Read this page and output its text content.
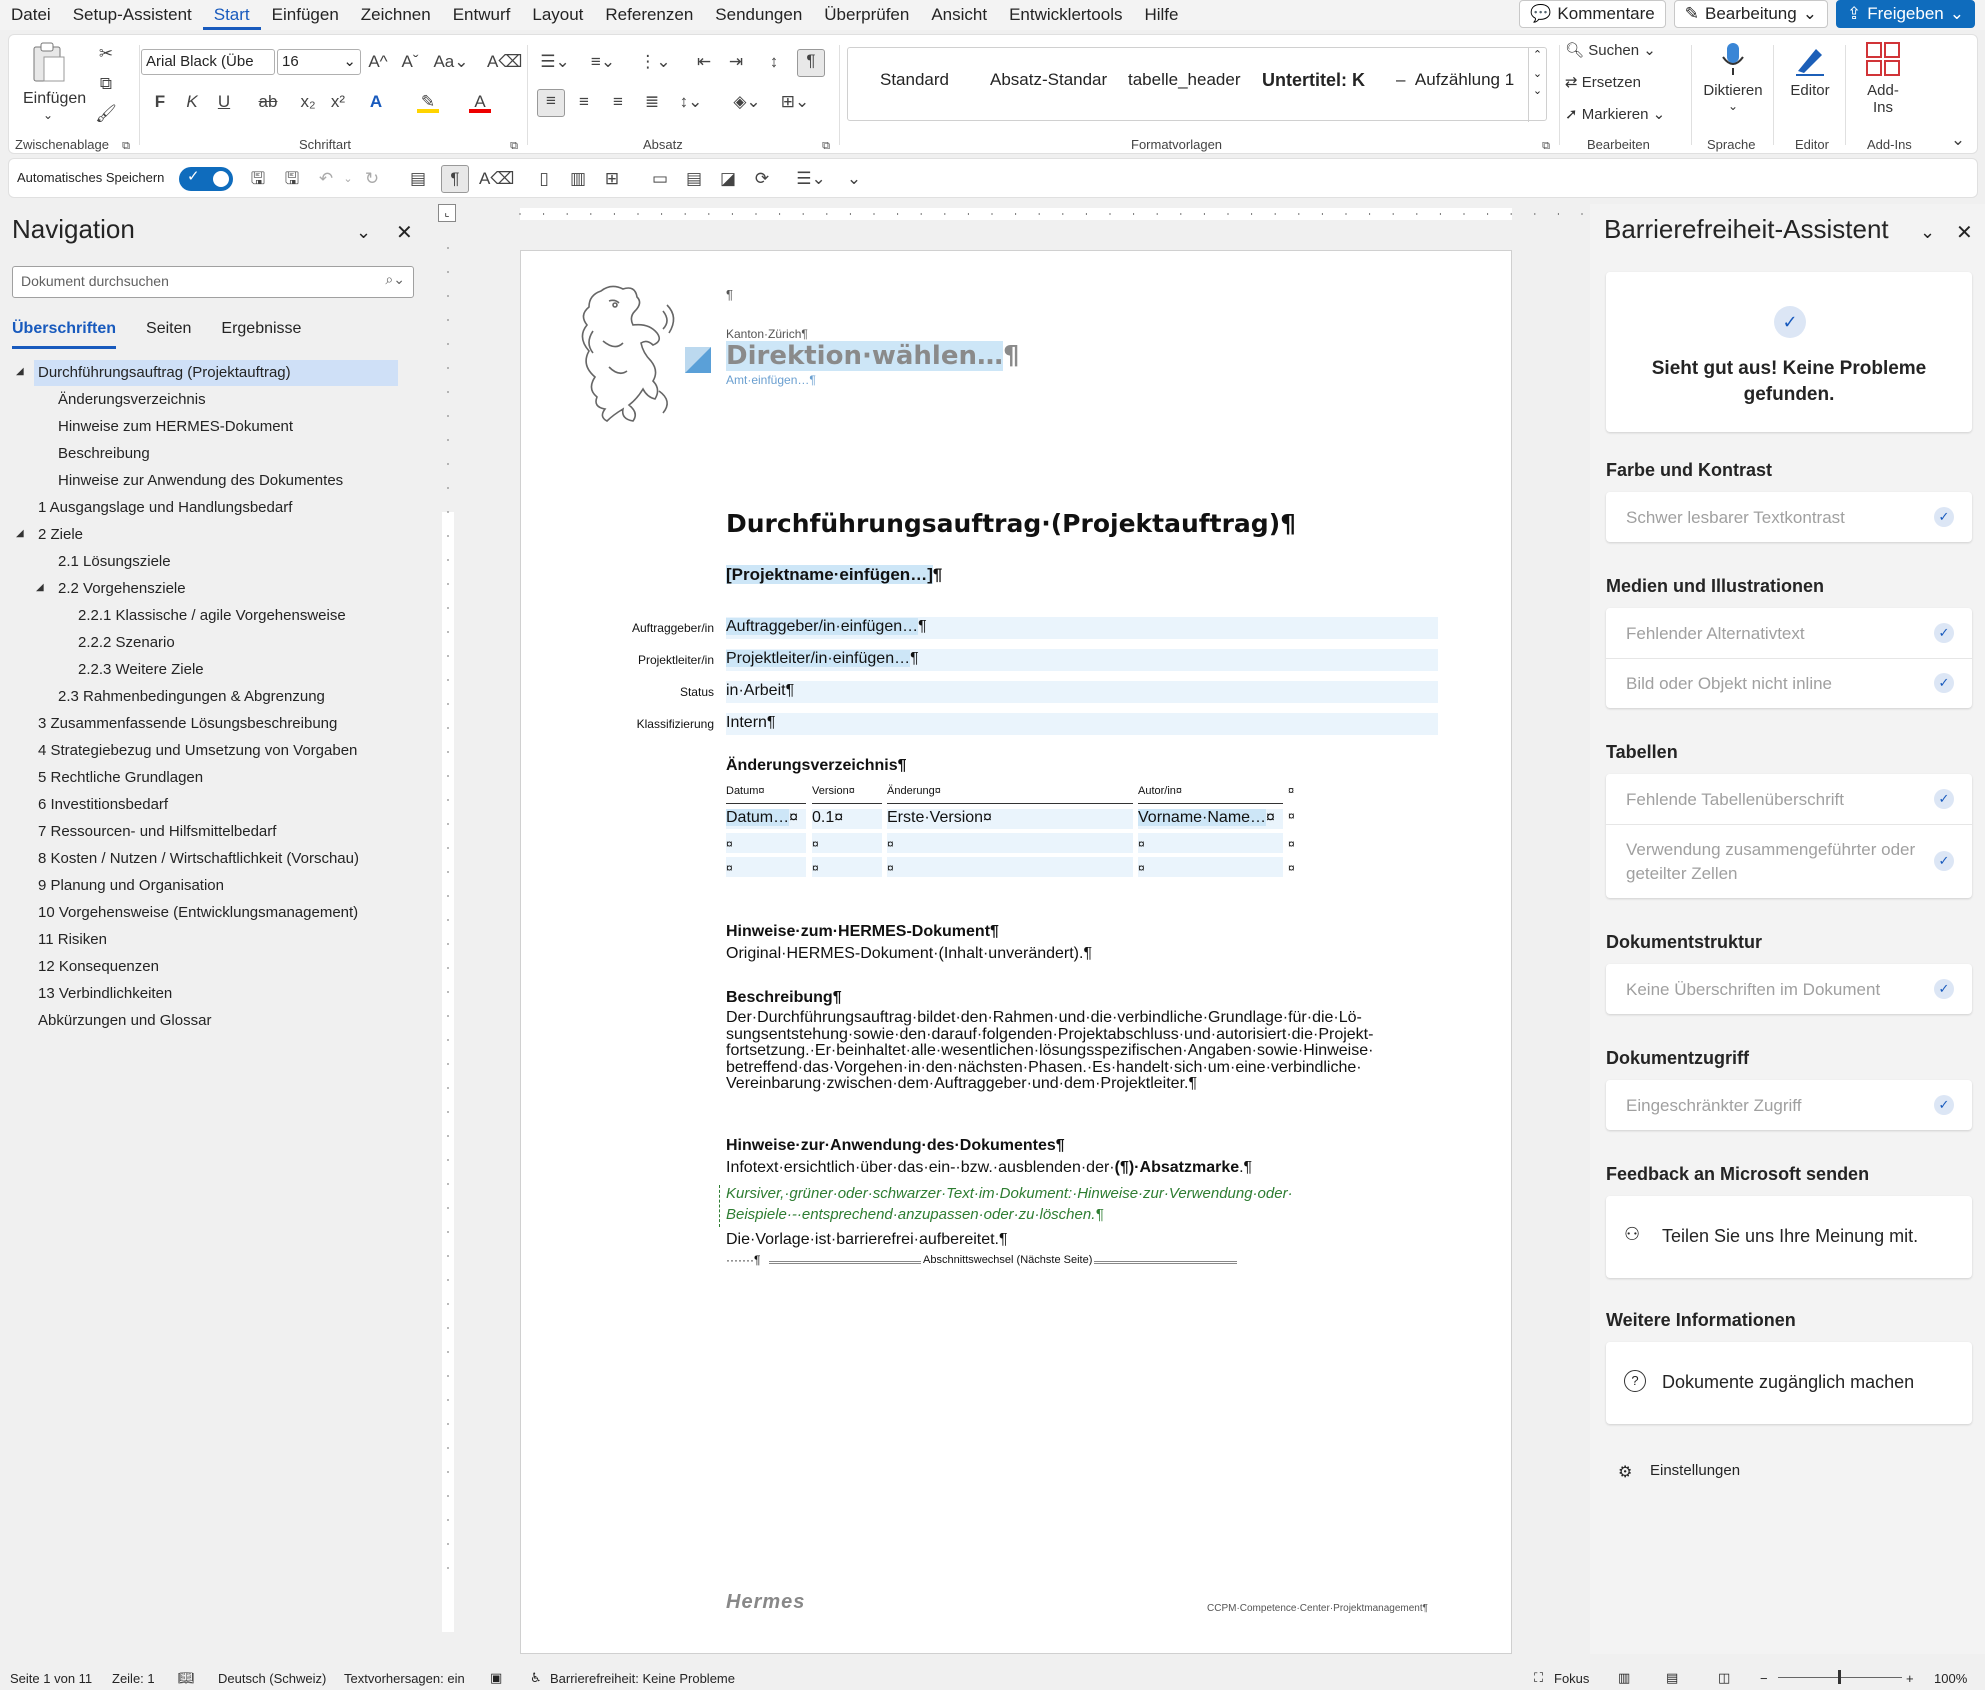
Datei	Setup-Assistent	Start	Einfügen	Zeichnen	Entwurf	Layout	Referenzen	Sendungen	Überprüfen	Ansicht	Entwicklertools	Hilfe	💬 Kommentare ✎ Bearbeitung ⌄ ⇪ Freigeben ⌄
Einfügen
⌄
✂
⧉
🖌
Zwischenablage	⧉
Arial Black (Übe	16	⌄ A^ Aˇ Aa⌄ A⌫
F	K	U ab x₂ x² A ✎	A
Schriftart	⧉
☰⌄	≡⌄	⋮⌄ ⇤ ⇥	↕	¶
≡	≡	≡	≣	↕⌄	◈⌄ ⊞⌄
Absatz	⧉
Standard Absatz-Standar tabelle_header Untertitel: K –  Aufzählung 1
⌃
⌄
⌄
Formatvorlagen	⧉
🔍︎ Suchen ⌄
⇄ Ersetzen
➚ Markieren ⌄
Bearbeiten
Diktieren
⌄
Sprache
Editor
Editor
Add-
Ins
Add-Ins ⌄
Automatisches Speichern ✓	🖫 🖫 ↶ ⌄ ↻ ▤	¶	A⌫	▯	▥ ⊞ ▭ ▤ ◪ ⟳ ☰⌄ ⌄
Navigation	⌄ ✕
Dokument durchsuchen	⌕⌄
Überschriften Seiten Ergebnisse
Durchführungsauftrag (Projektauftrag)
◢
Änderungsverzeichnis
Hinweise zum HERMES-Dokument
Beschreibung
Hinweise zur Anwendung des Dokumentes
1 Ausgangslage und Handlungsbedarf
2 Ziele
◢
2.1 Lösungsziele
2.2 Vorgehensziele
◢
2.2.1 Klassische / agile Vorgehensweise
2.2.2 Szenario
2.2.3 Weitere Ziele
2.3 Rahmenbedingungen & Abgrenzung
3 Zusammenfassende Lösungsbeschreibung
4 Strategiebezug und Umsetzung von Vorgaben
5 Rechtliche Grundlagen
6 Investitionsbedarf
7 Ressourcen- und Hilfsmittelbedarf
8 Kosten / Nutzen / Wirtschaftlichkeit (Vorschau)
9 Planung und Organisation
10 Vorgehensweise (Entwicklungsmanagement)
11 Risiken
12 Konsequenzen
13 Verbindlichkeiten
Abkürzungen und Glossar
⌞
¶
Kanton·Zürich¶
Direktion·wählen…¶
Amt·einfügen…¶
Durchführungsauftrag·(Projektauftrag)¶
[Projektname·einfügen…]¶
Auftraggeber/in Auftraggeber/in·einfügen…¶
Projektleiter/in Projektleiter/in·einfügen…¶
Status in·Arbeit¶
Klassifizierung Intern¶
Änderungsverzeichnis¶
Datum¤	Version¤	Änderung¤	Autor/in¤	¤
Datum…¤ 0.1¤	Erste·Version¤	Vorname·Name…¤ ¤
¤	¤	¤	¤	¤
¤	¤	¤	¤	¤
Hinweise·zum·HERMES-Dokument¶
Original·HERMES-Dokument·(Inhalt·unverändert).¶
Beschreibung¶
Der·Durchführungsauftrag·bildet·den·Rahmen·und·die·verbindliche·Grundlage·für·die·Lö-
sungsentstehung·sowie·den·darauf·folgenden·Projektabschluss·und·autorisiert·die·Projekt-
fortsetzung.·Er·beinhaltet·alle·wesentlichen·lösungsspezifischen·Angaben·sowie·Hinweise·
betreffend·das·Vorgehen·in·den·nächsten·Phasen.·Es·handelt·sich·um·eine·verbindliche·
Vereinbarung·zwischen·dem·Auftraggeber·und·dem·Projektleiter.¶
Hinweise·zur·Anwendung·des·Dokumentes¶
Infotext·ersichtlich·über·das·ein-·bzw.·ausblenden·der·(¶)·Absatzmarke.¶
Kursiver,·grüner·oder·schwarzer·Text·im·Dokument:·Hinweise·zur·Verwendung·oder·
Beispiele·-·entsprechend·anzupassen·oder·zu·löschen.¶
Die·Vorlage·ist·barrierefrei·aufbereitet.¶
·······¶	Abschnittswechsel (Nächste Seite)
Hermes	CCPM·Competence·Center·Projektmanagement¶
Barrierefreiheit-Assistent ⌄ ✕
✓
Sieht gut aus! Keine Probleme gefunden.
Farbe und Kontrast
Schwer lesbarer Textkontrast	✓
Medien und Illustrationen
Fehlender Alternativtext	✓
Bild oder Objekt nicht inline	✓
Tabellen
Fehlende Tabellenüberschrift	✓
Verwendung zusammengeführter oder geteilter Zellen
✓
Dokumentstruktur
Keine Überschriften im Dokument	✓
Dokumentzugriff
Eingeschränkter Zugriff	✓
Feedback an Microsoft senden
⚇ Teilen Sie uns Ihre Meinung mit.
Weitere Informationen
?	Dokumente zugänglich machen
⚙ Einstellungen
Seite 1 von 11 Zeile: 1 📖︎ Deutsch (Schweiz) Textvorhersagen: ein ▣ ♿︎ Barrierefreiheit: Keine Probleme	⛶ Fokus ▥	▤	◫ −	+ 100%
